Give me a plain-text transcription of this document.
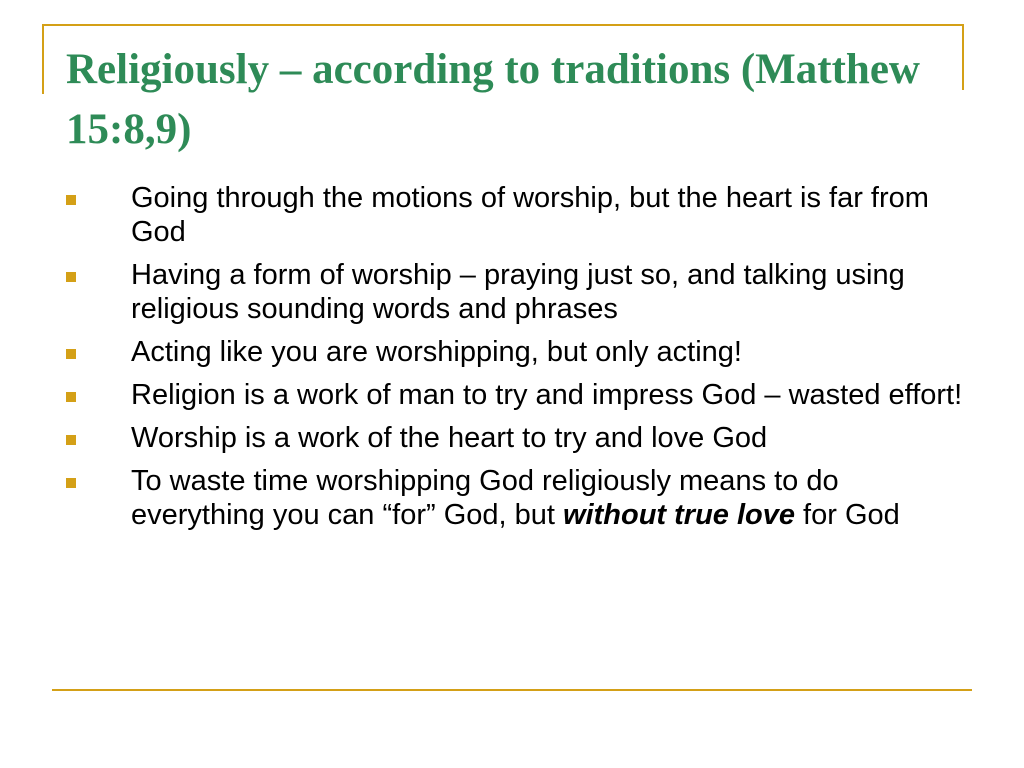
Religiously – according to traditions (Matthew 15:8,9)
Going through the motions of worship, but the heart is far from God
Having a form of worship – praying just so, and talking using religious sounding words and phrases
Acting like you are worshipping, but only acting!
Religion is a work of man to try and impress God – wasted effort!
Worship is a work of the heart to try and love God
To waste time worshipping God religiously means to do everything you can “for” God, but without true love for God
